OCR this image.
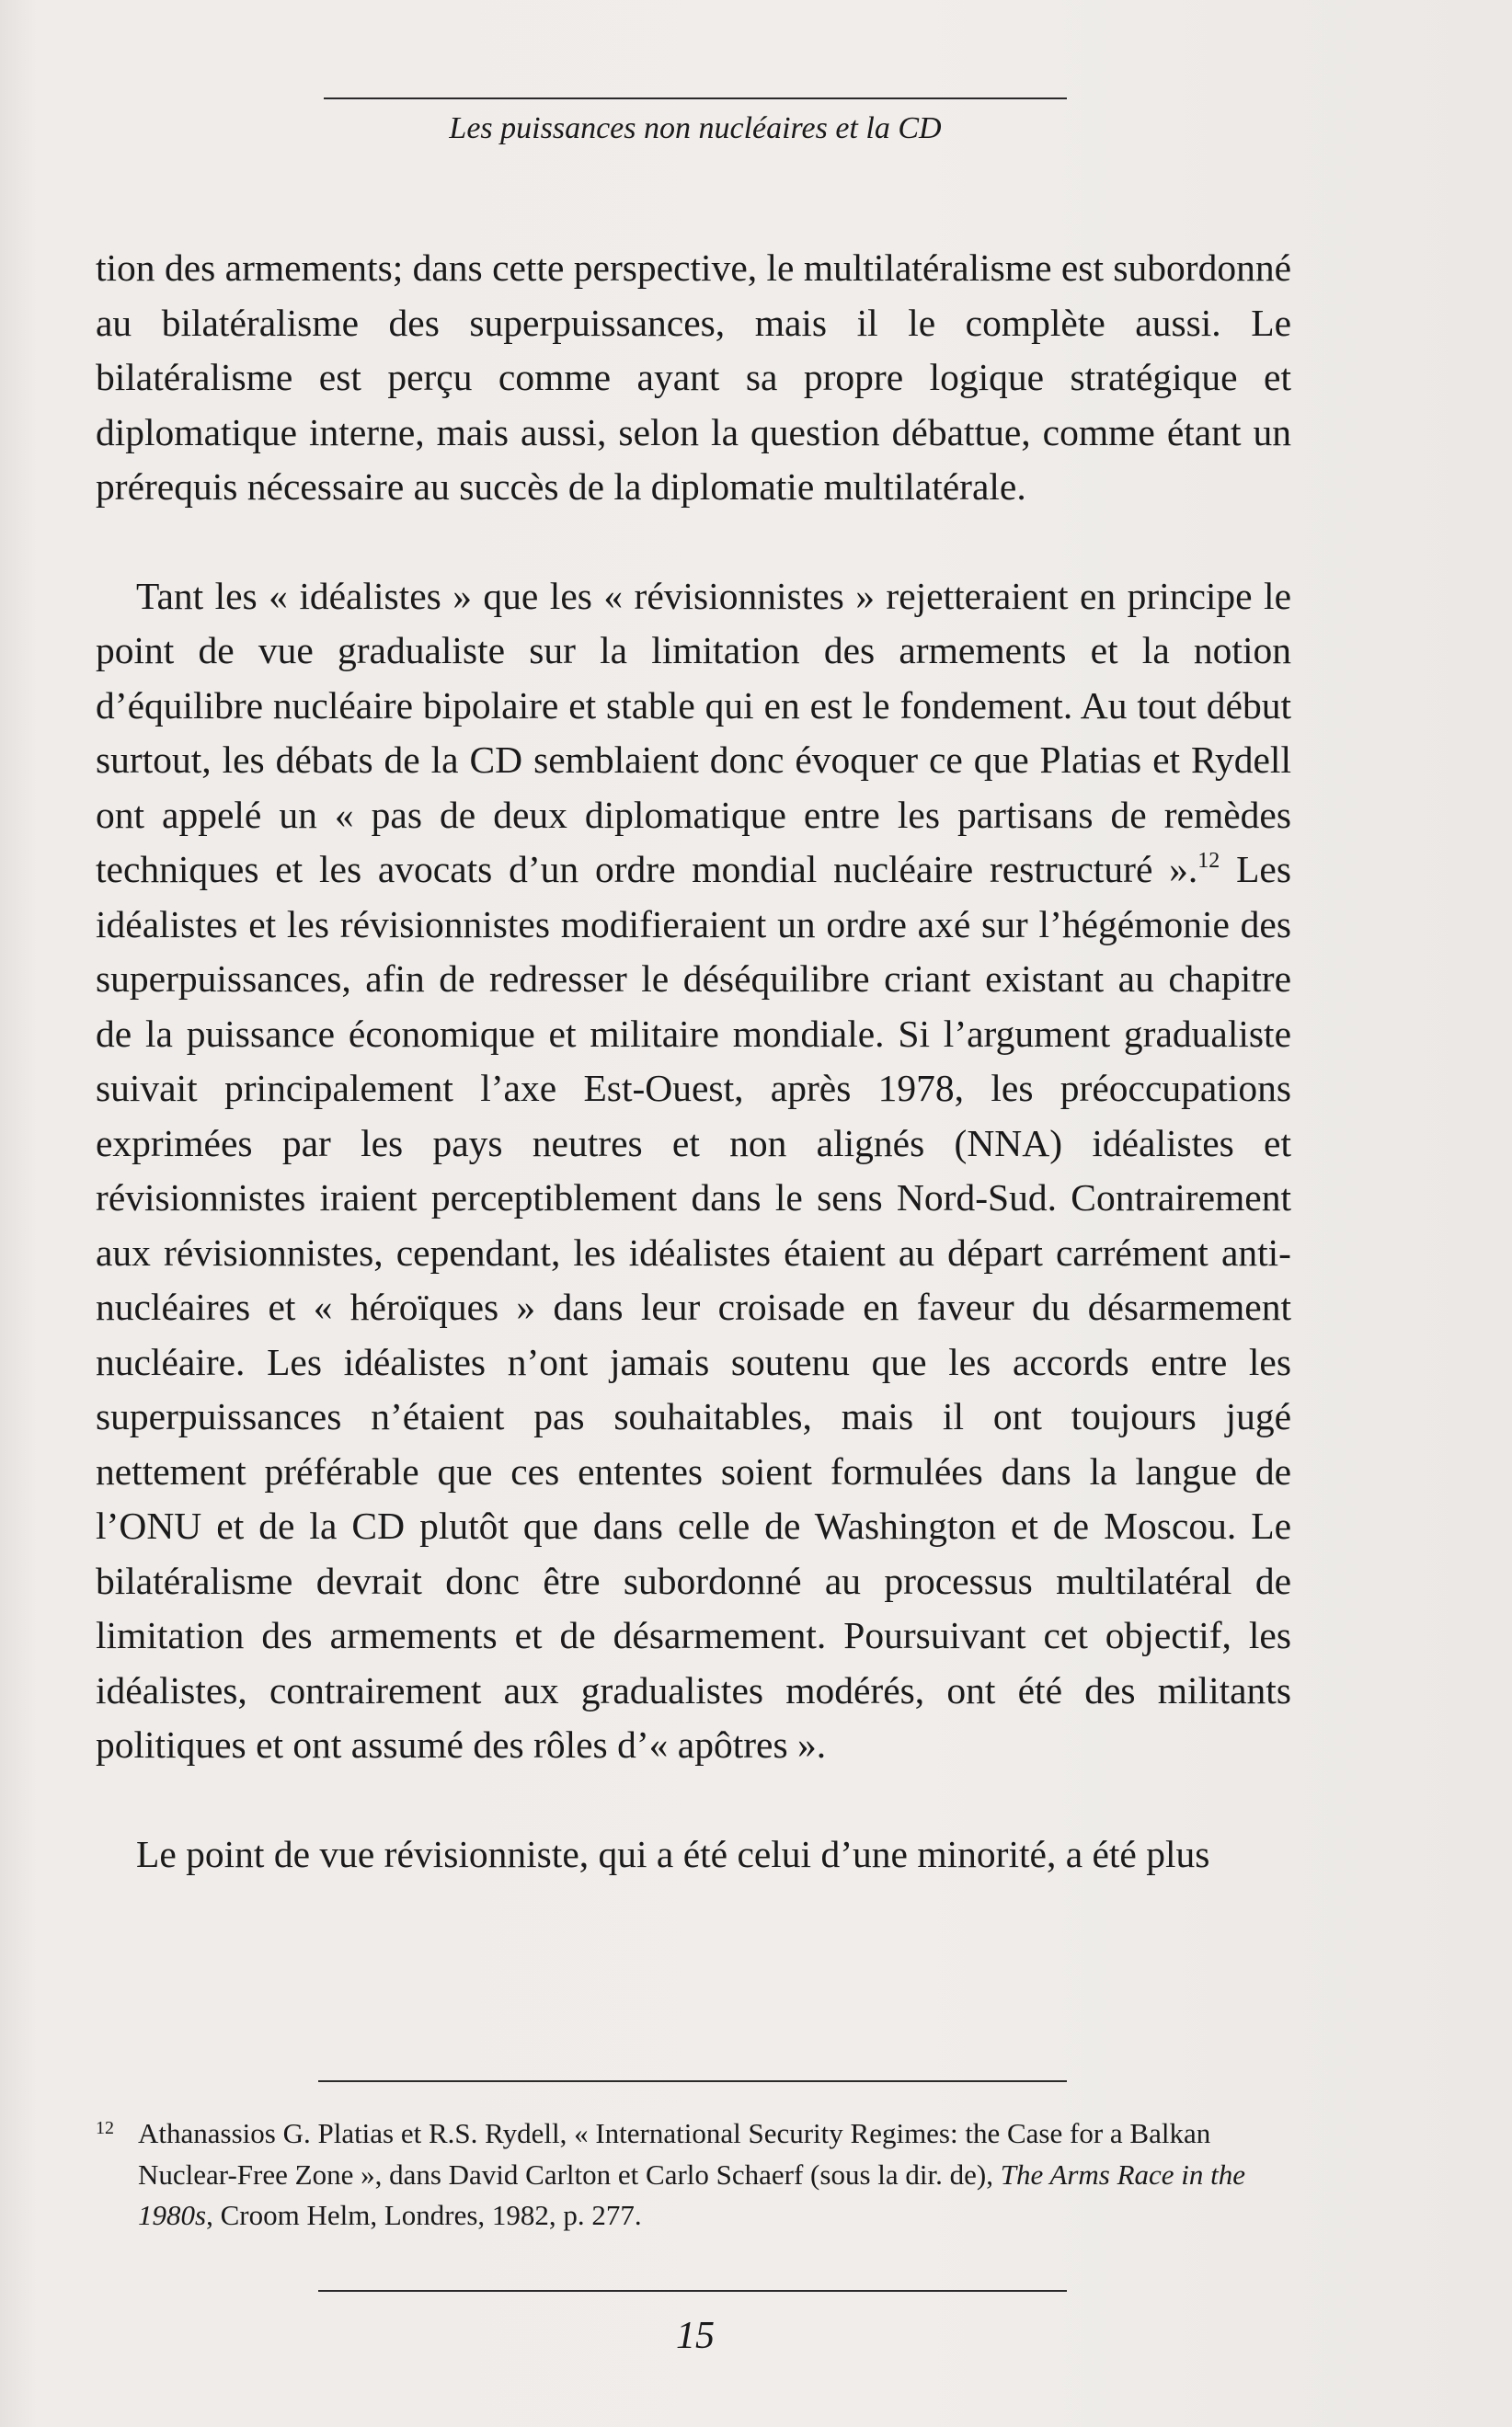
Les puissances non nucléaires et la CD

tion des armements; dans cette perspective, le multilatéralisme est subordonné au bilatéralisme des superpuissances, mais il le complète aussi. Le bilatéralisme est perçu comme ayant sa propre logique stratégique et diplomatique interne, mais aussi, selon la question débattue, comme étant un prérequis nécessaire au succès de la diplomatie multilatérale.

Tant les « idéalistes » que les « révisionnistes » rejetteraient en principe le point de vue gradualiste sur la limitation des armements et la notion d’équilibre nucléaire bipolaire et stable qui en est le fondement. Au tout début surtout, les débats de la CD semblaient donc évoquer ce que Platias et Rydell ont appelé un « pas de deux diplomatique entre les partisans de remèdes techniques et les avocats d’un ordre mondial nucléaire restructuré ».$^{12}$ Les idéalistes et les révisionnistes modifieraient un ordre axé sur l’hégémonie des superpuissances, afin de redresser le déséquilibre criant existant au chapitre de la puissance économique et militaire mondiale. Si l’argument gradualiste suivait principalement l’axe Est-Ouest, après 1978, les préoccupations exprimées par les pays neutres et non alignés (NNA) idéalistes et révisionnistes iraient perceptiblement dans le sens Nord-Sud. Contrairement aux révisionnistes, cependant, les idéalistes étaient au départ carrément anti-nucléaires et « héroïques » dans leur croisade en faveur du désarmement nucléaire. Les idéalistes n’ont jamais soutenu que les accords entre les superpuissances n’étaient pas souhaitables, mais il ont toujours jugé nettement préférable que ces ententes soient formulées dans la langue de l’ONU et de la CD plutôt que dans celle de Washington et de Moscou. Le bilatéralisme devrait donc être subordonné au processus multilatéral de limitation des armements et de désarmement. Poursuivant cet objectif, les idéalistes, contrairement aux gradualistes modérés, ont été des militants politiques et ont assumé des rôles d’« apôtres ».

Le point de vue révisionniste, qui a été celui d’une minorité, a été plus

12 Athanassios G. Platias et R.S. Rydell, « International Security Regimes: the Case for a Balkan Nuclear-Free Zone », dans David Carlton et Carlo Schaerf (sous la dir. de), The Arms Race in the 1980s, Croom Helm, Londres, 1982, p. 277.
15
